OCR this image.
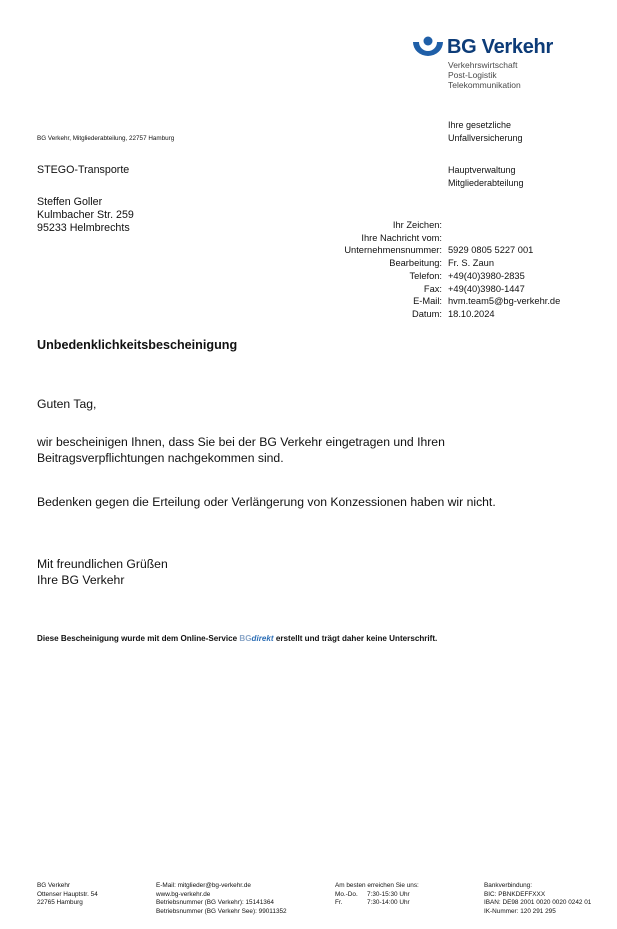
BG Verkehr
Verkehrswirtschaft
Post-Logistik
Telekommunikation
Ihre gesetzliche
Unfallversicherung
Hauptverwaltung
Mitgliederabteilung
BG Verkehr, Mitgliederabteilung, 22757 Hamburg
STEGO-Transporte
Steffen Goller
Kulmbacher Str. 259
95233 Helmbrechts	Ihr Zeichen:
Ihre Nachricht vom:
Unternehmensnummer: 5929 0805 5227 001
Bearbeitung: Fr. S. Zaun
Telefon: +49(40)3980-2835
Fax: +49(40)3980-1447
E-Mail: hvm.team5@bg-verkehr.de
Datum: 18.10.2024
Unbedenklichkeitsbescheinigung
Guten Tag,
wir bescheinigen Ihnen, dass Sie bei der BG Verkehr eingetragen und Ihren
Beitragsverpflichtungen nachgekommen sind.
Bedenken gegen die Erteilung oder Verlängerung von Konzessionen haben wir nicht.
Mit freundlichen Grüßen
Ihre BG Verkehr
Diese Bescheinigung wurde mit dem Online-Service BGdirekt erstellt und trägt daher keine Unterschrift.
BG Verkehr
Ottenser Hauptstr. 54
22765 Hamburg
E-Mail: mitglieder@bg-verkehr.de
www.bg-verkehr.de
Betriebsnummer (BG Verkehr): 15141364
Betriebsnummer (BG Verkehr See): 99011352
Am besten erreichen Sie uns:
Mo.-Do. 7:30-15:30 Uhr
Fr.	7:30-14:00 Uhr
Bankverbindung:
BIC: PBNKDEFFXXX
IBAN: DE98 2001 0020 0020 0242 01
IK-Nummer: 120 291 295
